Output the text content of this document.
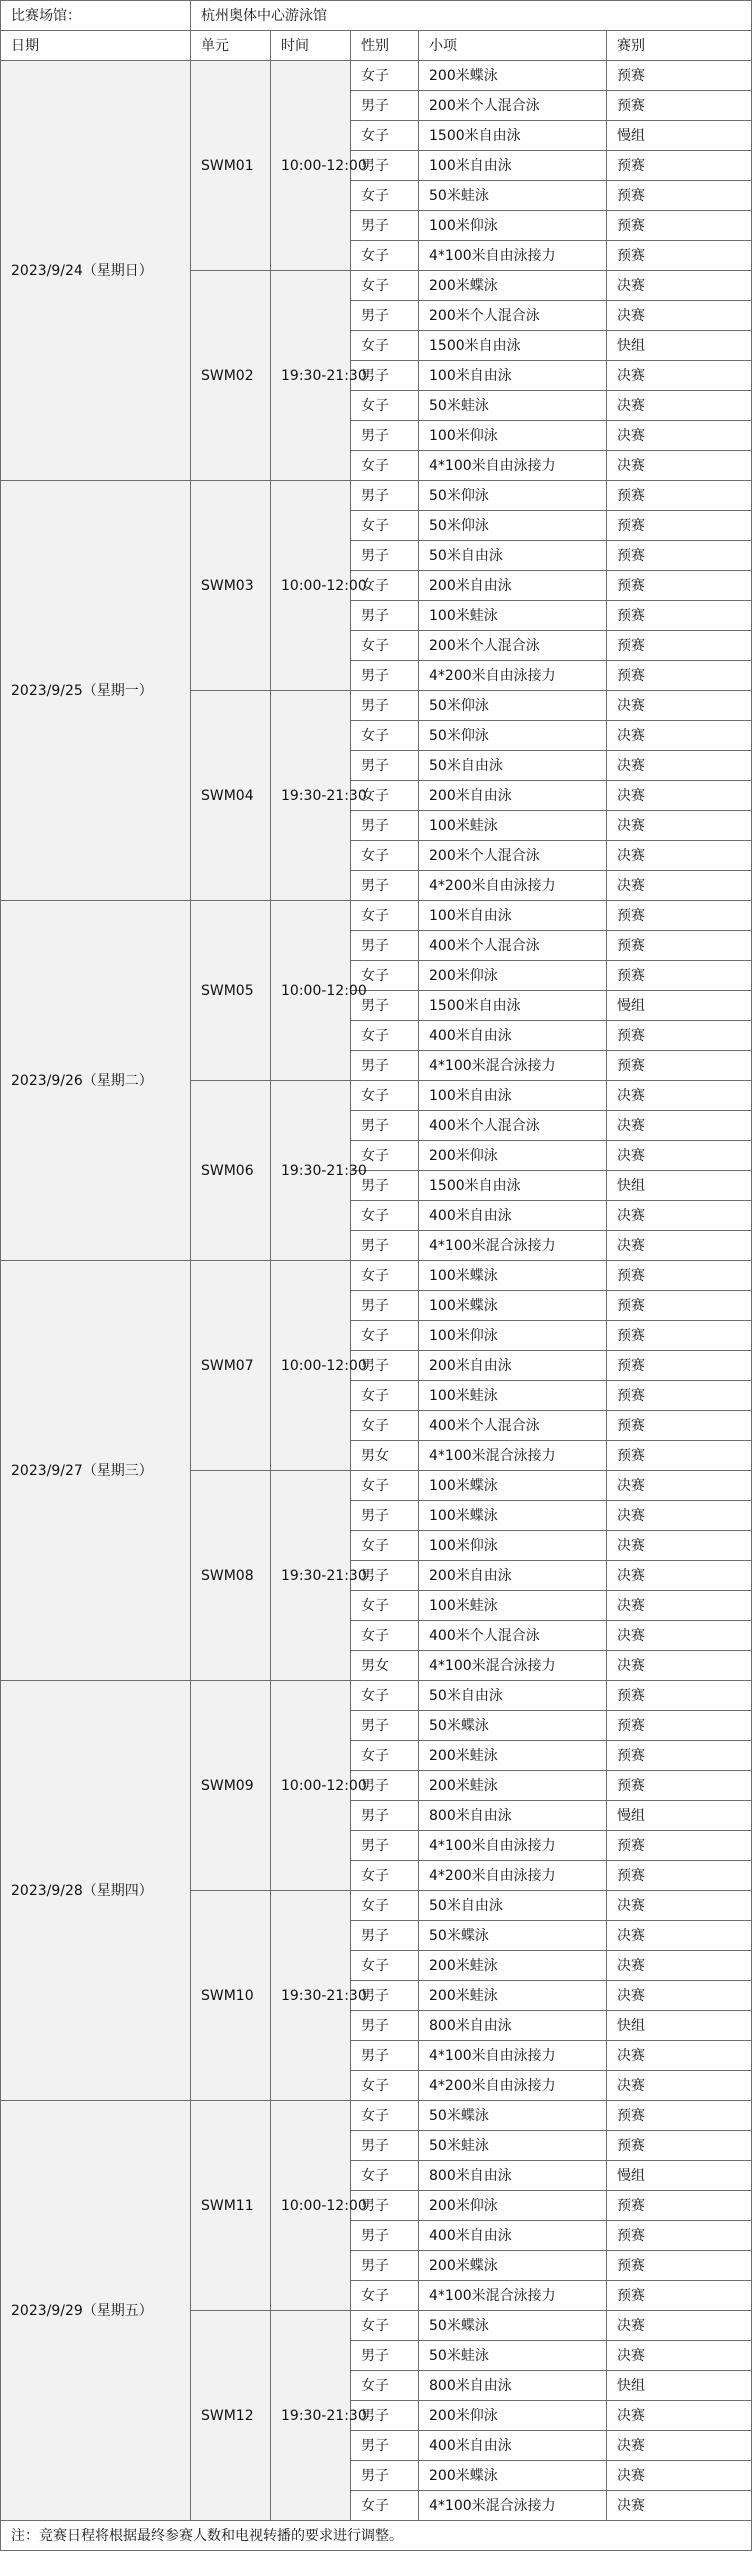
比赛场馆：	杭州奥体中心游泳馆				
日期	单元	时间	性别	小项	赛别
2023/9/24（星期日）	SWM01	10:00-12:00	女子	200米蝶泳	预赛
			男子	200米个人混合泳	预赛
			女子	1500米自由泳	慢组
			男子	100米自由泳	预赛
			女子	50米蛙泳	预赛
			男子	100米仰泳	预赛
			女子	4*100米自由泳接力	预赛
	SWM02	19:30-21:30	女子	200米蝶泳	决赛
			男子	200米个人混合泳	决赛
			女子	1500米自由泳	快组
			男子	100米自由泳	决赛
			女子	50米蛙泳	决赛
			男子	100米仰泳	决赛
			女子	4*100米自由泳接力	决赛
2023/9/25（星期一）	SWM03	10:00-12:00	男子	50米仰泳	预赛
			女子	50米仰泳	预赛
			男子	50米自由泳	预赛
			女子	200米自由泳	预赛
			男子	100米蛙泳	预赛
			女子	200米个人混合泳	预赛
			男子	4*200米自由泳接力	预赛
	SWM04	19:30-21:30	男子	50米仰泳	决赛
			女子	50米仰泳	决赛
			男子	50米自由泳	决赛
			女子	200米自由泳	决赛
			男子	100米蛙泳	决赛
			女子	200米个人混合泳	决赛
			男子	4*200米自由泳接力	决赛
2023/9/26（星期二）	SWM05	10:00-12:00	女子	100米自由泳	预赛
			男子	400米个人混合泳	预赛
			女子	200米仰泳	预赛
			男子	1500米自由泳	慢组
			女子	400米自由泳	预赛
			男子	4*100米混合泳接力	预赛
	SWM06	19:30-21:30	女子	100米自由泳	决赛
			男子	400米个人混合泳	决赛
			女子	200米仰泳	决赛
			男子	1500米自由泳	快组
			女子	400米自由泳	决赛
			男子	4*100米混合泳接力	决赛
2023/9/27（星期三）	SWM07	10:00-12:00	女子	100米蝶泳	预赛
			男子	100米蝶泳	预赛
			女子	100米仰泳	预赛
			男子	200米自由泳	预赛
			女子	100米蛙泳	预赛
			女子	400米个人混合泳	预赛
			男女	4*100米混合泳接力	预赛
	SWM08	19:30-21:30	女子	100米蝶泳	决赛
			男子	100米蝶泳	决赛
			女子	100米仰泳	决赛
			男子	200米自由泳	决赛
			女子	100米蛙泳	决赛
			女子	400米个人混合泳	决赛
			男女	4*100米混合泳接力	决赛
2023/9/28（星期四）	SWM09	10:00-12:00	女子	50米自由泳	预赛
			男子	50米蝶泳	预赛
			女子	200米蛙泳	预赛
			男子	200米蛙泳	预赛
			男子	800米自由泳	慢组
			男子	4*100米自由泳接力	预赛
			女子	4*200米自由泳接力	预赛
	SWM10	19:30-21:30	女子	50米自由泳	决赛
			男子	50米蝶泳	决赛
			女子	200米蛙泳	决赛
			男子	200米蛙泳	决赛
			男子	800米自由泳	快组
			男子	4*100米自由泳接力	决赛
			女子	4*200米自由泳接力	决赛
2023/9/29（星期五）	SWM11	10:00-12:00	女子	50米蝶泳	预赛
			男子	50米蛙泳	预赛
			女子	800米自由泳	慢组
			男子	200米仰泳	预赛
			男子	400米自由泳	预赛
			男子	200米蝶泳	预赛
			女子	4*100米混合泳接力	预赛
	SWM12	19:30-21:30	女子	50米蝶泳	决赛
			男子	50米蛙泳	决赛
			女子	800米自由泳	快组
			男子	200米仰泳	决赛
			男子	400米自由泳	决赛
			男子	200米蝶泳	决赛
			女子	4*100米混合泳接力	决赛
注：竞赛日程将根据最终参赛人数和电视转播的要求进行调整。					
